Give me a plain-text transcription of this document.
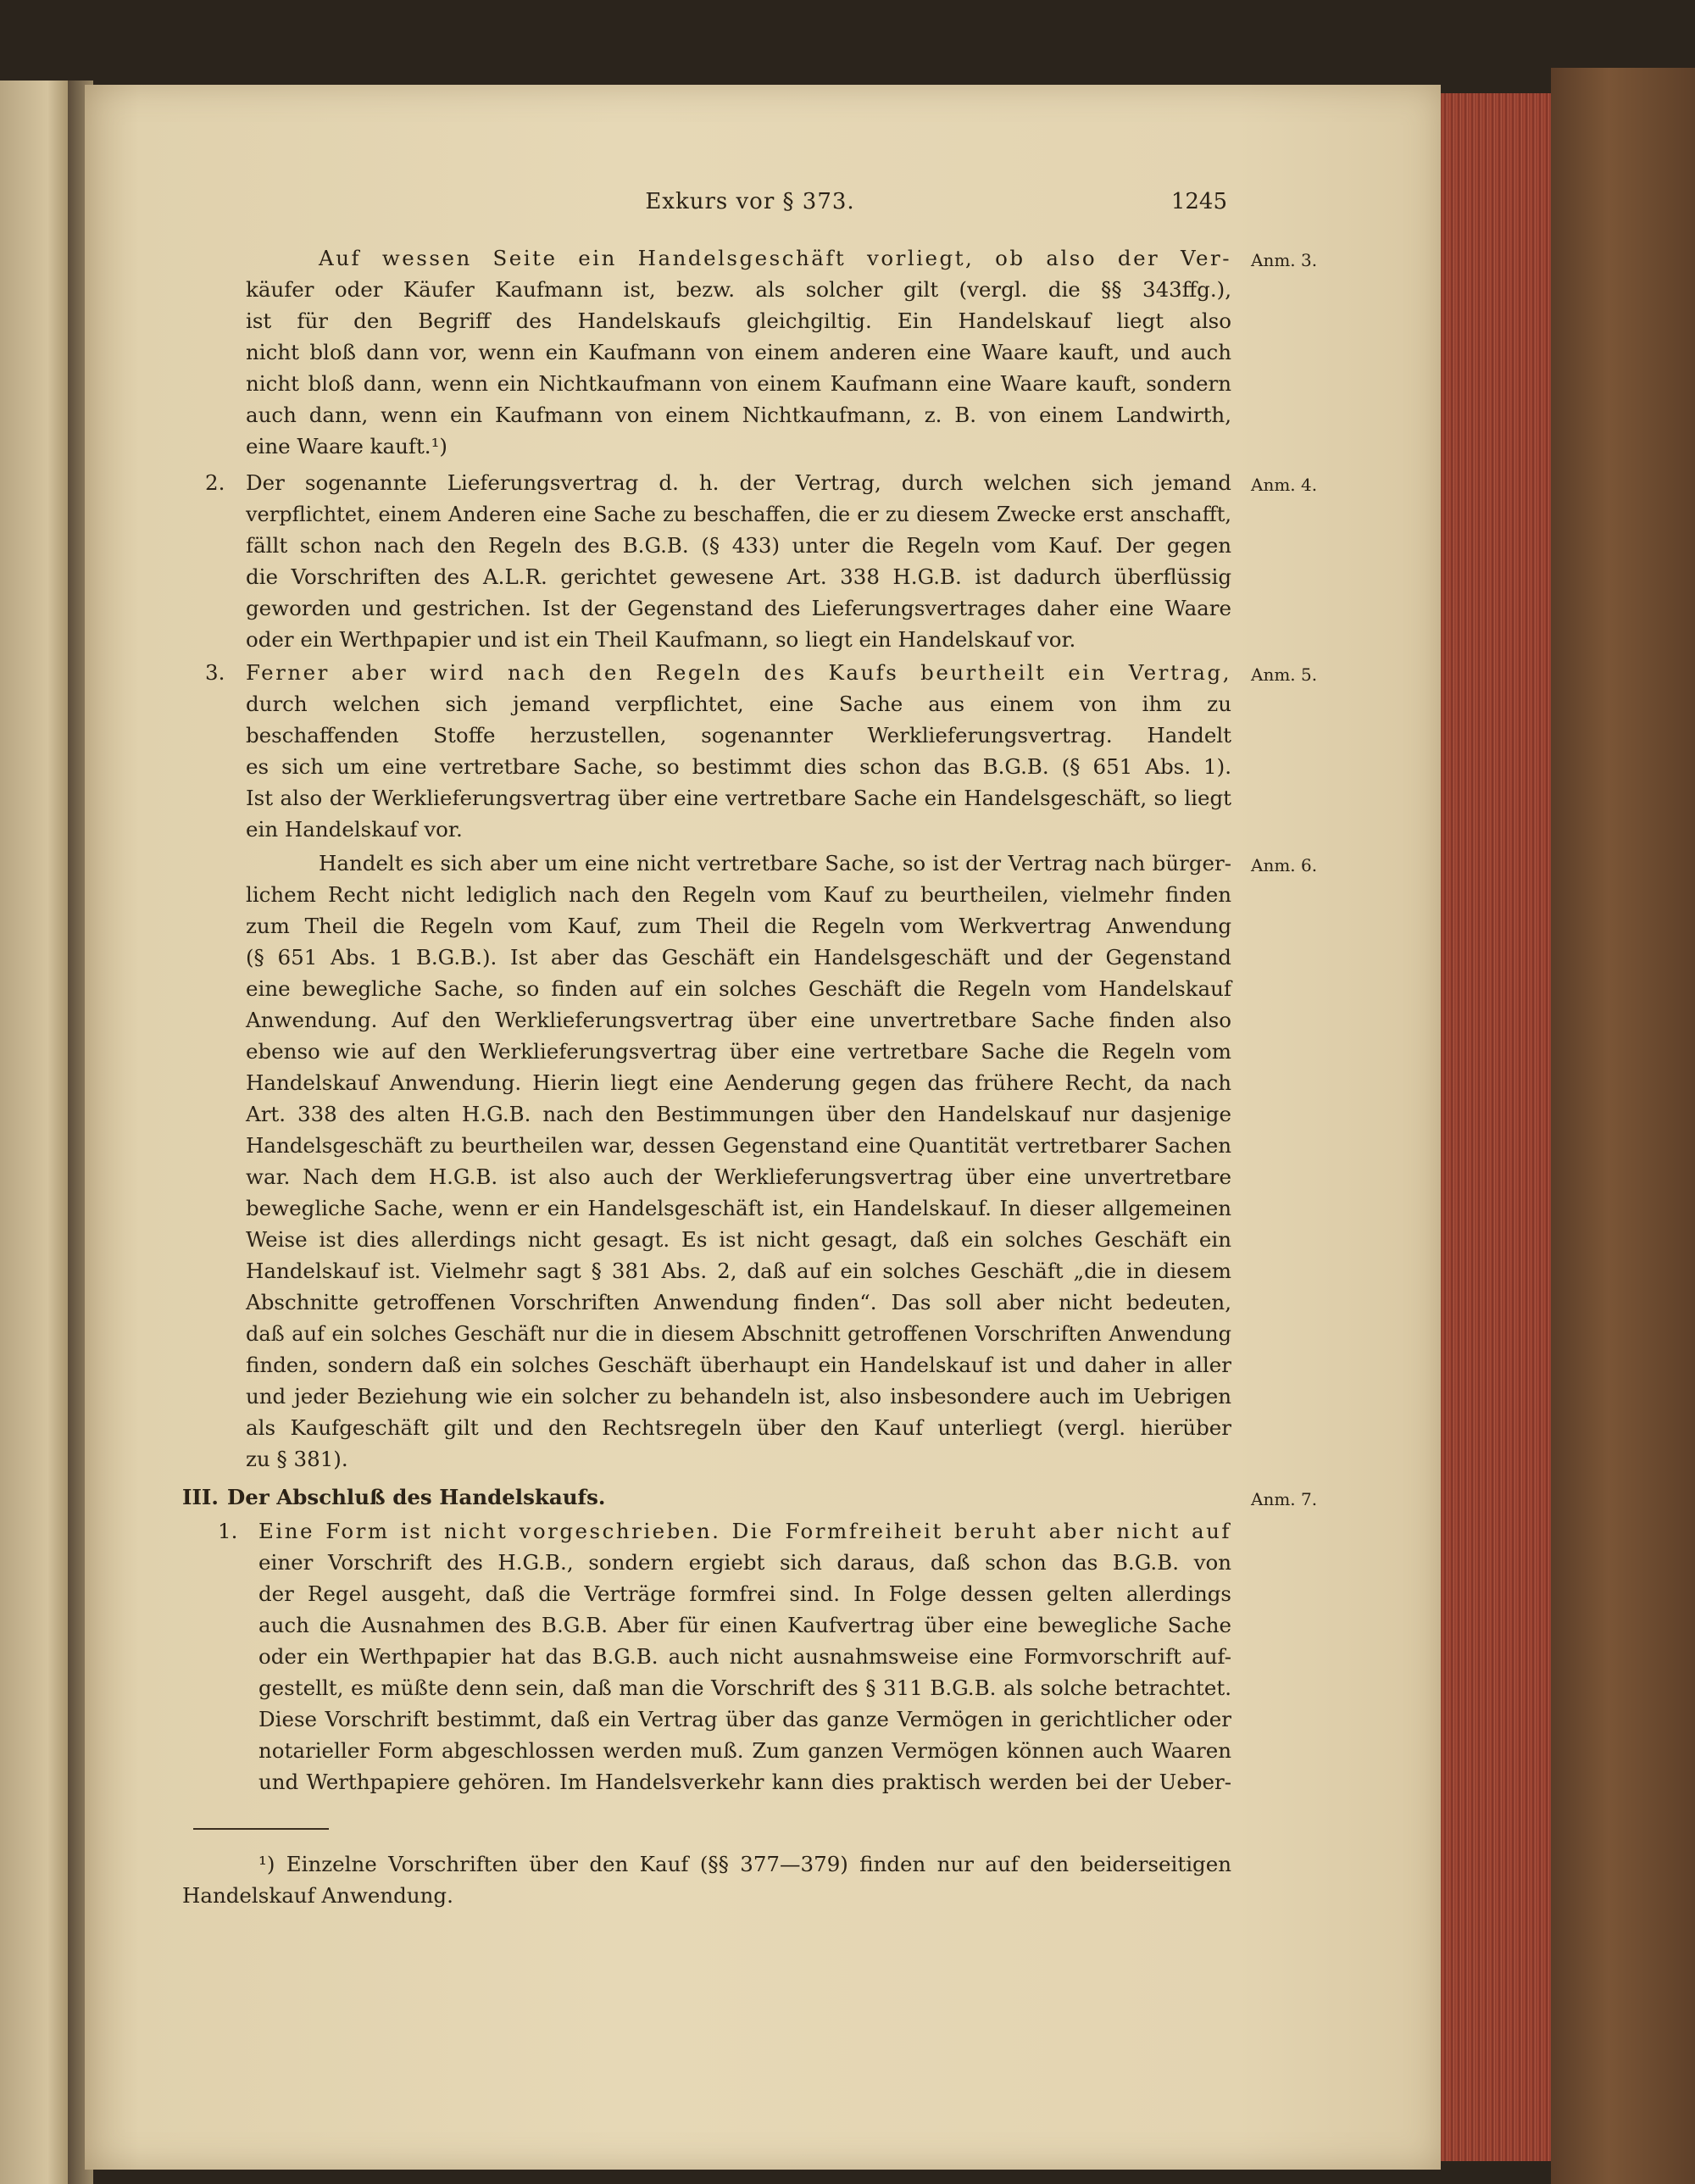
Exkurs vor § 373.	1245
Auf wessen Seite ein Handelsgeschäft vorliegt, ob also der Ver-
käufer oder Käufer Kaufmann ist, bezw. als solcher gilt (vergl. die §§ 343ffg.),
ist für den Begriff des Handelskaufs gleichgiltig. Ein Handelskauf liegt also
nicht bloß dann vor, wenn ein Kaufmann von einem anderen eine Waare kauft, und auch
nicht bloß dann, wenn ein Nichtkaufmann von einem Kaufmann eine Waare kauft, sondern
auch dann, wenn ein Kaufmann von einem Nichtkaufmann, z. B. von einem Landwirth,
eine Waare kauft.¹)
2. Der sogenannte Lieferungsvertrag d. h. der Vertrag, durch welchen sich jemand
verpflichtet, einem Anderen eine Sache zu beschaffen, die er zu diesem Zwecke erst anschafft,
fällt schon nach den Regeln des B.G.B. (§ 433) unter die Regeln vom Kauf. Der gegen
die Vorschriften des A.L.R. gerichtet gewesene Art. 338 H.G.B. ist dadurch überflüssig
geworden und gestrichen. Ist der Gegenstand des Lieferungsvertrages daher eine Waare
oder ein Werthpapier und ist ein Theil Kaufmann, so liegt ein Handelskauf vor.
3. Ferner aber wird nach den Regeln des Kaufs beurtheilt ein Vertrag,
durch welchen sich jemand verpflichtet, eine Sache aus einem von ihm zu
beschaffenden Stoffe herzustellen, sogenannter Werklieferungsvertrag. Handelt
es sich um eine vertretbare Sache, so bestimmt dies schon das B.G.B. (§ 651 Abs. 1).
Ist also der Werklieferungsvertrag über eine vertretbare Sache ein Handelsgeschäft, so liegt
ein Handelskauf vor.
Handelt es sich aber um eine nicht vertretbare Sache, so ist der Vertrag nach bürger-
lichem Recht nicht lediglich nach den Regeln vom Kauf zu beurtheilen, vielmehr finden
zum Theil die Regeln vom Kauf, zum Theil die Regeln vom Werkvertrag Anwendung
(§ 651 Abs. 1 B.G.B.). Ist aber das Geschäft ein Handelsgeschäft und der Gegenstand
eine bewegliche Sache, so finden auf ein solches Geschäft die Regeln vom Handelskauf
Anwendung. Auf den Werklieferungsvertrag über eine unvertretbare Sache finden also
ebenso wie auf den Werklieferungsvertrag über eine vertretbare Sache die Regeln vom
Handelskauf Anwendung. Hierin liegt eine Aenderung gegen das frühere Recht, da nach
Art. 338 des alten H.G.B. nach den Bestimmungen über den Handelskauf nur dasjenige
Handelsgeschäft zu beurtheilen war, dessen Gegenstand eine Quantität vertretbarer Sachen
war. Nach dem H.G.B. ist also auch der Werklieferungsvertrag über eine unvertretbare
bewegliche Sache, wenn er ein Handelsgeschäft ist, ein Handelskauf. In dieser allgemeinen
Weise ist dies allerdings nicht gesagt. Es ist nicht gesagt, daß ein solches Geschäft ein
Handelskauf ist. Vielmehr sagt § 381 Abs. 2, daß auf ein solches Geschäft „die in diesem
Abschnitte getroffenen Vorschriften Anwendung finden“. Das soll aber nicht bedeuten,
daß auf ein solches Geschäft nur die in diesem Abschnitt getroffenen Vorschriften Anwendung
finden, sondern daß ein solches Geschäft überhaupt ein Handelskauf ist und daher in aller
und jeder Beziehung wie ein solcher zu behandeln ist, also insbesondere auch im Uebrigen
als Kaufgeschäft gilt und den Rechtsregeln über den Kauf unterliegt (vergl. hierüber
zu § 381).
III. Der Abschluß des Handelskaufs.
1. Eine Form ist nicht vorgeschrieben. Die Formfreiheit beruht aber nicht auf
einer Vorschrift des H.G.B., sondern ergiebt sich daraus, daß schon das B.G.B. von
der Regel ausgeht, daß die Verträge formfrei sind. In Folge dessen gelten allerdings
auch die Ausnahmen des B.G.B. Aber für einen Kaufvertrag über eine bewegliche Sache
oder ein Werthpapier hat das B.G.B. auch nicht ausnahmsweise eine Formvorschrift auf-
gestellt, es müßte denn sein, daß man die Vorschrift des § 311 B.G.B. als solche betrachtet.
Diese Vorschrift bestimmt, daß ein Vertrag über das ganze Vermögen in gerichtlicher oder
notarieller Form abgeschlossen werden muß. Zum ganzen Vermögen können auch Waaren
und Werthpapiere gehören. Im Handelsverkehr kann dies praktisch werden bei der Ueber-
¹) Einzelne Vorschriften über den Kauf (§§ 377—379) finden nur auf den beiderseitigen
Handelskauf Anwendung.
Anm. 3.
Anm. 4.
Anm. 5.
Anm. 6.
Anm. 7.
